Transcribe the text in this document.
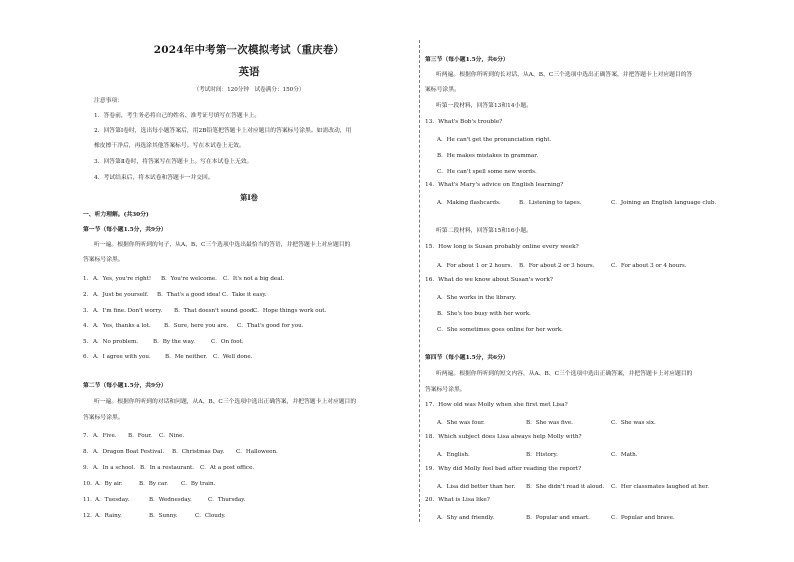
2024年中考第一次模拟考试（重庆卷）
英语
（考试时间：120分钟　试卷满分：150分）
注意事项：
1．答卷前，考生务必将自己的姓名、准考证号填写在答题卡上。
2．回答第Ⅰ卷时，选出每小题答案后，用2B铅笔把答题卡上对应题目的答案标号涂黑。如需改动，用
橡皮擦干净后，再选涂其他答案标号。写在本试卷上无效。
3．回答第Ⅱ卷时，将答案写在答题卡上。写在本试卷上无效。
4．考试结束后，将本试卷和答题卡一并交回。
第Ⅰ卷
一、听力理解。(共30分)
第一节（每小题1.5分，共9分）
听一遍。根据你所听到的句子，从A、B、C三个选项中选出最恰当的答语，并把答题卡上对应题目的
答案标号涂黑。
1． A．Yes, you're right! B．You're welcome. C．It's not a big deal.
2． A．Just be yourself. B．That's a good idea! C．Take it easy.
3． A．I'm fine. Don't worry. B．That doesn't sound good.
C．Hope things work out.
4． A．Yes, thanks a lot. B．Sure, here you are. C．That's good for you.
5． A．No problem.	B．By the way.	C．On foot.
6． A．I agree with you.	B．Me neither. C．Well done.
第二节（每小题1.5分，共9分）
听一遍。根据你所听到的对话和问题，从A、B、C三个选项中选出正确答案，并把答题卡上对应题目的
答案标号涂黑。
7． A．Five. B．Four. C．Nine.
8． A．Dragon Boat Festival. B．Christmas Day. C．Halloween.
9． A．In a school. B．In a restaurant. C．At a post office.
10． A．By air.	B．By car. C．By train.
11． A．Tuesday.	B．Wednesday.	C．Thursday.
12． A．Rainy.	B．Sunny.	C．Cloudy.
第三节（每小题1.5分，共6分）
听两遍。根据你所听到的长对话，从A、B、C三个选项中选出正确答案，并把答题卡上对应题目的答
案标号涂黑。
听第一段材料，回答第13和14小题。
13．What's Bob's trouble?
A．He can't get the pronunciation right.
B．He makes mistakes in grammar.
C．He can't spell some new words.
14．What's Mary's advice on English learning?
A．Making flashcards.	B．Listening to tapes.	C．Joining an English language club.
听第二段材料，回答第15和16小题。
15．How long is Susan probably online every week?
A．For about 1 or 2 hours. B．For about 2 or 3 hours.	C．For about 3 or 4 hours.
16．What do we know about Susan's work?
A．She works in the library.
B．She's too busy with her work.
C．She sometimes goes online for her work.
第四节（每小题1.5分，共6分）
听两遍。根据你所听到的短文内容，从A、B、C三个选项中选出正确答案，并把答题卡上对应题目的
答案标号涂黑。
17．How old was Molly when she first met Lisa?
A．She was four.	B．She was five.	C．She was six.
18．Which subject does Lisa always help Molly with?
A．English.	B．History.	C．Math.
19．Why did Molly feel bad after reading the report?
A．Lisa did better than her. B．She didn't read it aloud. C．Her classmates laughed at her.
20．What is Lisa like?
A．Shy and friendly.	B．Popular and smart.	C．Popular and brave.
